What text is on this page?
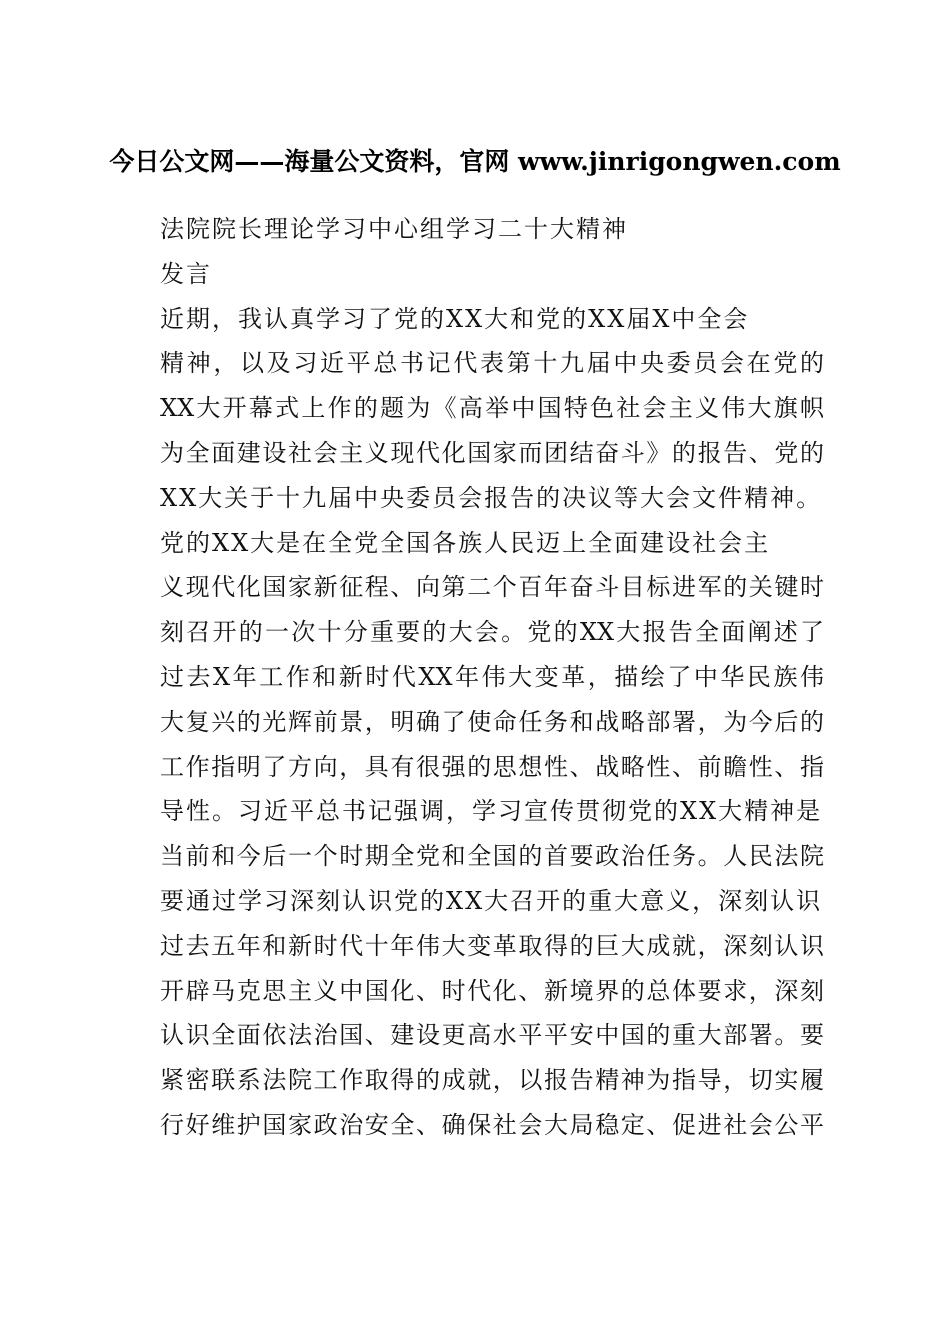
今日公文网——海量公文资料，官网 www.jinrigongwen.com
法院院长理论学习中心组学习二十大精神
发言
近期，我认真学习了党的XX大和党的XX届X中全会
精神，以及习近平总书记代表第十九届中央委员会在党的
XX大开幕式上作的题为《高举中国特色社会主义伟大旗帜
为全面建设社会主义现代化国家而团结奋斗》的报告、党的
XX大关于十九届中央委员会报告的决议等大会文件精神。
党的XX大是在全党全国各族人民迈上全面建设社会主
义现代化国家新征程、向第二个百年奋斗目标进军的关键时
刻召开的一次十分重要的大会。党的XX大报告全面阐述了
过去X年工作和新时代XX年伟大变革，描绘了中华民族伟
大复兴的光辉前景，明确了使命任务和战略部署，为今后的
工作指明了方向，具有很强的思想性、战略性、前瞻性、指
导性。习近平总书记强调，学习宣传贯彻党的XX大精神是
当前和今后一个时期全党和全国的首要政治任务。人民法院
要通过学习深刻认识党的XX大召开的重大意义，深刻认识
过去五年和新时代十年伟大变革取得的巨大成就，深刻认识
开辟马克思主义中国化、时代化、新境界的总体要求，深刻
认识全面依法治国、建设更高水平平安中国的重大部署。要
紧密联系法院工作取得的成就，以报告精神为指导，切实履
行好维护国家政治安全、确保社会大局稳定、促进社会公平
